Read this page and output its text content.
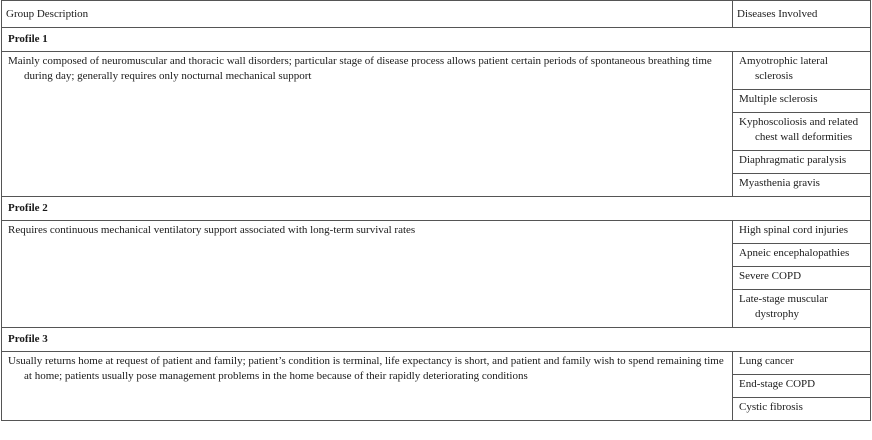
Group Description	Diseases Involved
Profile 1	

Mainly composed of neuromuscular and thoracic wall disorders; particular stage of disease process allows patient certain periods of spontaneous breathing time during day; generally requires only nocturnal mechanical support	Amyotrophic lateral sclerosis

	Multiple sclerosis

	Kyphoscoliosis and related chest wall deformities

	Diaphragmatic paralysis

	Myasthenia gravis

Profile 2	

Requires continuous mechanical ventilatory support associated with long-term survival rates	High spinal cord injuries

	Apneic encephalopathies

	Severe COPD

	Late-stage muscular dystrophy

Profile 3	

Usually returns home at request of patient and family; patient’s condition is terminal, life expectancy is short, and patient and family wish to spend remaining time at home; patients usually pose management problems in the home because of their rapidly deteriorating conditions	Lung cancer

	End-stage COPD

	Cystic fibrosis
